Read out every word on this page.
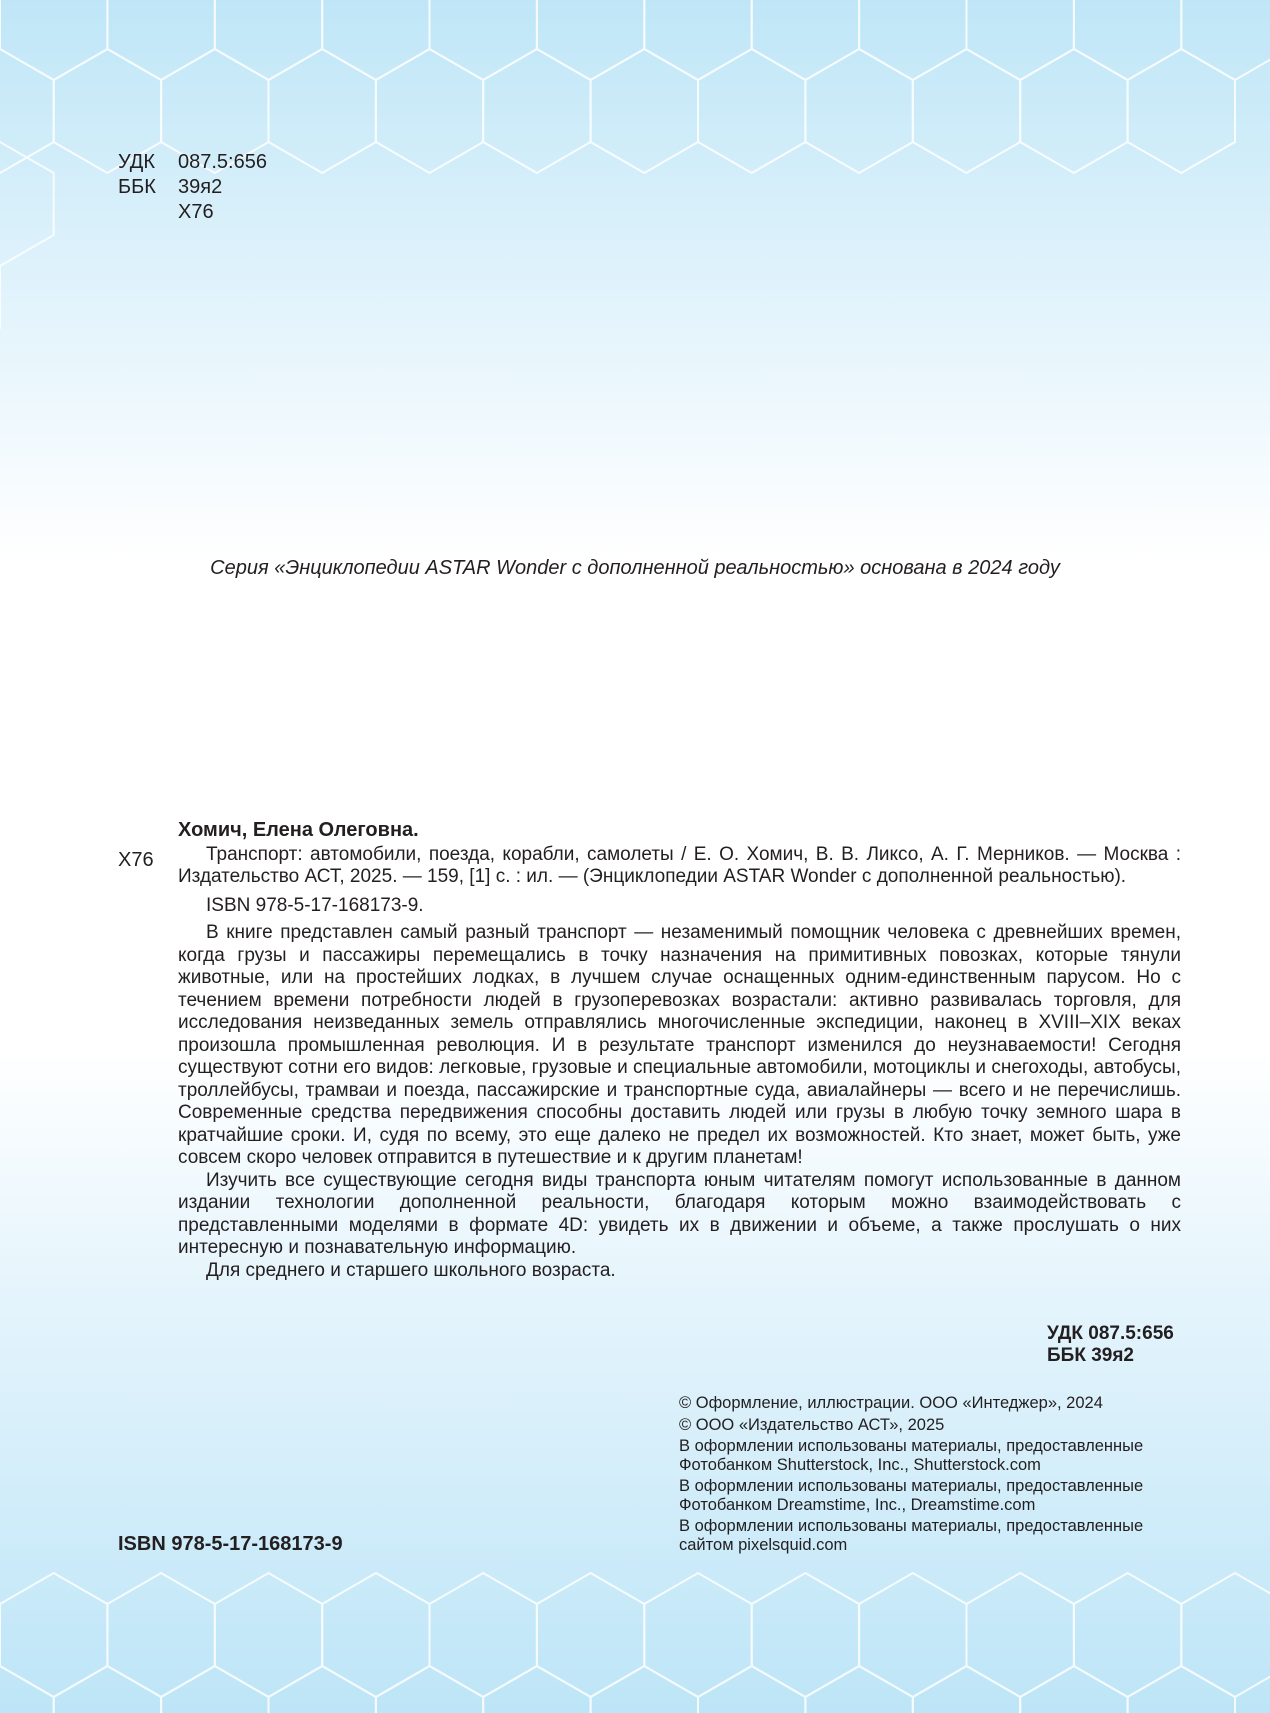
УДК	087.5:656
ББК	39я2
Х76
Серия «Энциклопедии ASTAR Wonder с дополненной реальностью» основана в 2024 году
Х76
Хомич, Елена Олеговна.

Транспорт: автомобили, поезда, корабли, самолеты / Е. О. Хомич, В. В. Ликсо, А. Г. Мерников. — Москва : Издательство АСТ, 2025. — 159, [1] с. : ил. — (Энциклопедии ASTAR Wonder с дополненной реальностью).

ISBN 978-5-17-168173-9.

В книге представлен самый разный транспорт — незаменимый помощник человека с древнейших времен, когда грузы и пассажиры перемещались в точку назначения на примитивных повозках, которые тянули животные, или на простейших лодках, в лучшем случае оснащенных одним-единственным парусом. Но с течением времени потребности людей в грузоперевозках возрастали: активно развивалась торговля, для исследования неизведанных земель отправлялись многочисленные экспедиции, наконец в XVIII–XIX веках произошла промышленная революция. И в результате транспорт изменился до неузнаваемости! Сегодня существуют сотни его видов: легковые, грузовые и специальные автомобили, мотоциклы и снегоходы, автобусы, троллейбусы, трамваи и поезда, пассажирские и транспортные суда, авиалайнеры — всего и не перечислишь. Современные средства передвижения способны доставить людей или грузы в любую точку земного шара в кратчайшие сроки. И, судя по всему, это еще далеко не предел их возможностей. Кто знает, может быть, уже совсем скоро человек отправится в путешествие и к другим планетам!

Изучить все существующие сегодня виды транспорта юным читателям помогут использованные в данном издании технологии дополненной реальности, благодаря которым можно взаимодействовать с представленными моделями в формате 4D: увидеть их в движении и объеме, а также прослушать о них интересную и познавательную информацию.

Для среднего и старшего школьного возраста.

УДК 087.5:656
ББК 39я2
© Оформление, иллюстрации. ООО «Интеджер», 2024
© ООО «Издательство АСТ», 2025
В оформлении использованы материалы, предоставленные
Фотобанком Shutterstock, Inc., Shutterstock.com
В оформлении использованы материалы, предоставленные
Фотобанком Dreamstime, Inc., Dreamstime.com
В оформлении использованы материалы, предоставленные
сайтом pixelsquid.com
ISBN 978-5-17-168173-9
